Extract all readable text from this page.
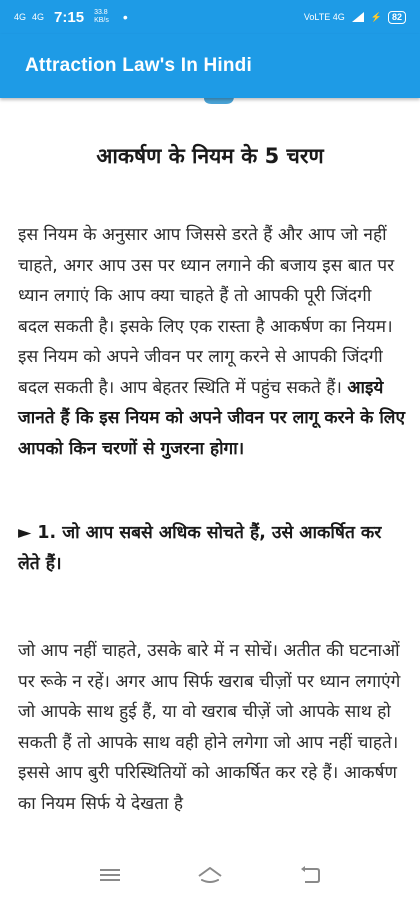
4G 4G 7:15 33.8
KB/s •	VoLTE 4G	⚡	82
Attraction Law's In Hindi
आकर्षण के नियम के 5 चरण
इस नियम के अनुसार आप जिससे डरते हैं और आप जो नहीं चाहते, अगर आप उस पर ध्यान लगाने की बजाय इस बात पर ध्यान लगाएं कि आप क्या चाहते हैं तो आपकी पूरी जिंदगी बदल सकती है। इसके लिए एक रास्ता है आकर्षण का नियम। इस नियम को अपने जीवन पर लागू करने से आपकी जिंदगी बदल सकती है। आप बेहतर स्थिति में पहुंच सकते हैं। आइये जानते हैं कि इस नियम को अपने जीवन पर लागू करने के लिए आपको किन चरणों से गुजरना होगा।
► 1. जो आप सबसे अधिक सोचते हैं, उसे आकर्षित कर लेते हैं।
जो आप नहीं चाहते, उसके बारे में न सोचें। अतीत की घटनाओं पर रूके न रहें। अगर आप सिर्फ खराब चीज़ों पर ध्यान लगाएंगे जो आपके साथ हुई हैं, या वो खराब चीज़ें जो आपके साथ हो सकती हैं तो आपके साथ वही होने लगेगा जो आप नहीं चाहते। इससे आप बुरी परिस्थितियों को आकर्षित कर रहे हैं। आकर्षण का नियम सिर्फ ये देखता है
